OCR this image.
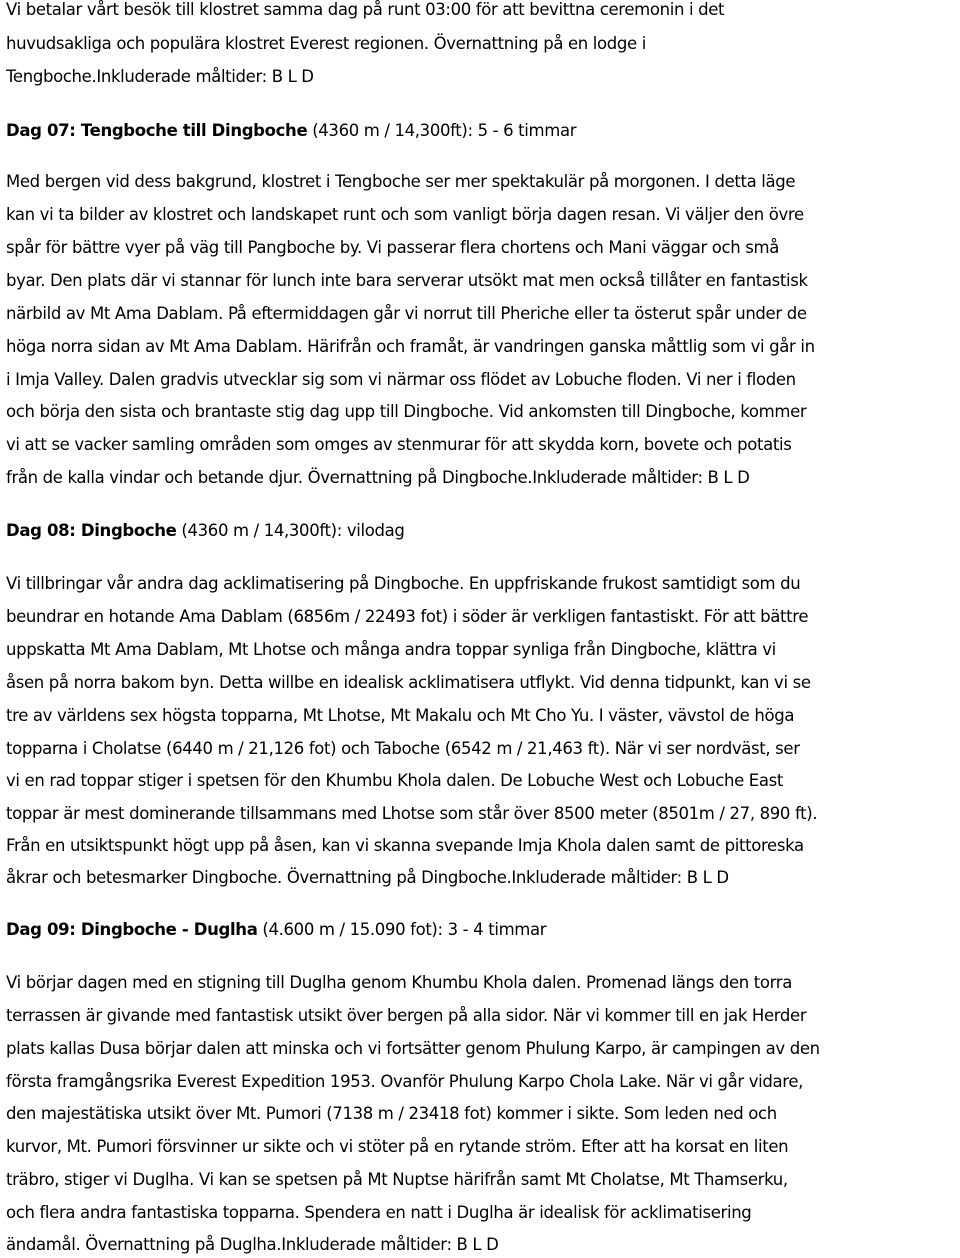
Vi betalar vårt besök till klostret samma dag på runt 03:00 för att bevittna ceremonin i det
huvudsakliga och populära klostret Everest regionen. Övernattning på en lodge i
Tengboche.Inkluderade måltider: B L D
Dag 07: Tengboche till Dingboche (4360 m / 14,300ft): 5 - 6 timmar
Med bergen vid dess bakgrund, klostret i Tengboche ser mer spektakulär på morgonen. I detta läge
kan vi ta bilder av klostret och landskapet runt och som vanligt börja dagen resan. Vi väljer den övre
spår för bättre vyer på väg till Pangboche by. Vi passerar flera chortens och Mani väggar och små
byar. Den plats där vi stannar för lunch inte bara serverar utsökt mat men också tillåter en fantastisk
närbild av Mt Ama Dablam. På eftermiddagen går vi norrut till Pheriche eller ta österut spår under de
höga norra sidan av Mt Ama Dablam. Härifrån och framåt, är vandringen ganska måttlig som vi går in
i Imja Valley. Dalen gradvis utvecklar sig som vi närmar oss flödet av Lobuche floden. Vi ner i floden
och börja den sista och brantaste stig dag upp till Dingboche. Vid ankomsten till Dingboche, kommer
vi att se vacker samling områden som omges av stenmurar för att skydda korn, bovete och potatis
från de kalla vindar och betande djur. Övernattning på Dingboche.Inkluderade måltider: B L D
Dag 08: Dingboche (4360 m / 14,300ft): vilodag
Vi tillbringar vår andra dag acklimatisering på Dingboche. En uppfriskande frukost samtidigt som du
beundrar en hotande Ama Dablam (6856m / 22493 fot) i söder är verkligen fantastiskt. För att bättre
uppskatta Mt Ama Dablam, Mt Lhotse och många andra toppar synliga från Dingboche, klättra vi
åsen på norra bakom byn. Detta willbe en idealisk acklimatisera utflykt. Vid denna tidpunkt, kan vi se
tre av världens sex högsta topparna, Mt Lhotse, Mt Makalu och Mt Cho Yu. I väster, vävstol de höga
topparna i Cholatse (6440 m / 21,126 fot) och Taboche (6542 m / 21,463 ft). När vi ser nordväst, ser
vi en rad toppar stiger i spetsen för den Khumbu Khola dalen. De Lobuche West och Lobuche East
toppar är mest dominerande tillsammans med Lhotse som står över 8500 meter (8501m / 27, 890 ft).
Från en utsiktspunkt högt upp på åsen, kan vi skanna svepande Imja Khola dalen samt de pittoreska
åkrar och betesmarker Dingboche. Övernattning på Dingboche.Inkluderade måltider: B L D
Dag 09: Dingboche - Duglha (4.600 m / 15.090 fot): 3 - 4 timmar
Vi börjar dagen med en stigning till Duglha genom Khumbu Khola dalen. Promenad längs den torra
terrassen är givande med fantastisk utsikt över bergen på alla sidor. När vi kommer till en jak Herder
plats kallas Dusa börjar dalen att minska och vi fortsätter genom Phulung Karpo, är campingen av den
första framgångsrika Everest Expedition 1953. Ovanför Phulung Karpo Chola Lake. När vi går vidare,
den majestätiska utsikt över Mt. Pumori (7138 m / 23418 fot) kommer i sikte. Som leden ned och
kurvor, Mt. Pumori försvinner ur sikte och vi stöter på en rytande ström. Efter att ha korsat en liten
träbro, stiger vi Duglha. Vi kan se spetsen på Mt Nuptse härifrån samt Mt Cholatse, Mt Thamserku,
och flera andra fantastiska topparna. Spendera en natt i Duglha är idealisk för acklimatisering
ändamål. Övernattning på Duglha.Inkluderade måltider: B L D
